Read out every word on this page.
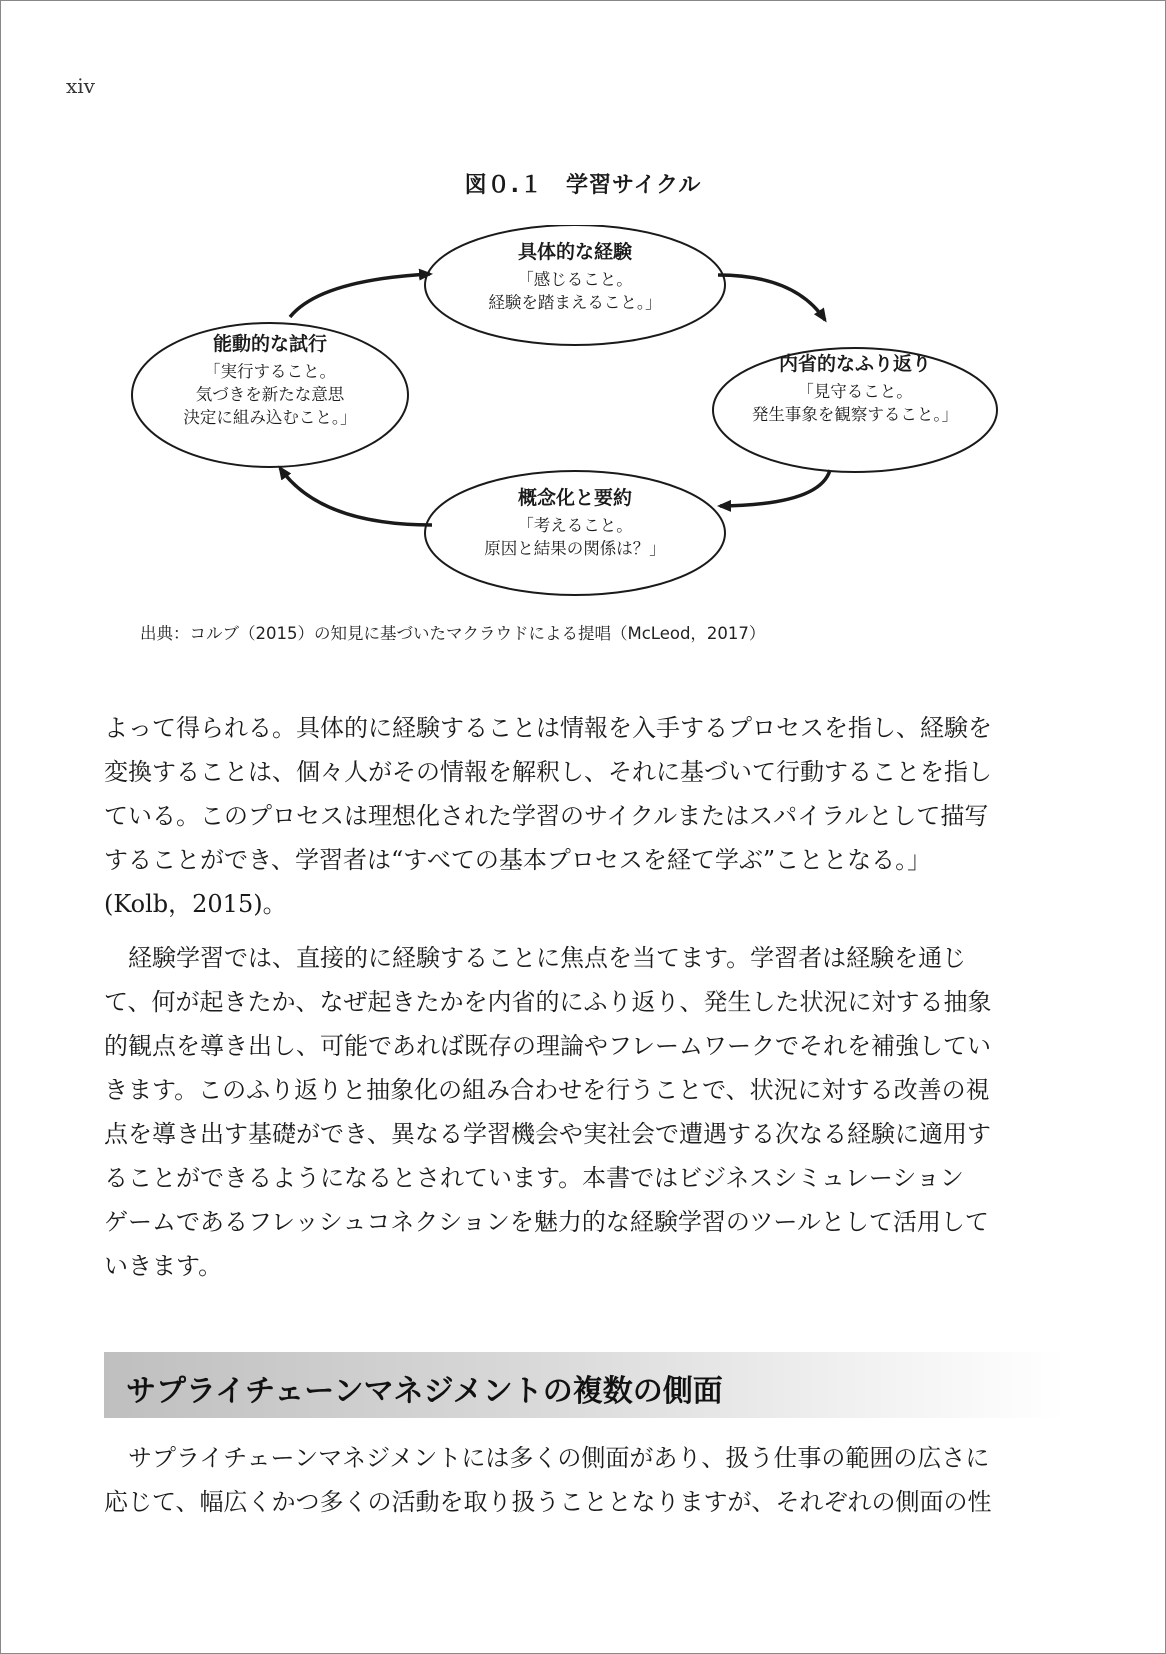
xiv
図０.１　学習サイクル
具体的な経験
「感じること。
経験を踏まえること。」
内省的なふり返り
「見守ること。
発生事象を観察すること。」
概念化と要約
「考えること。
原因と結果の関係は？」
能動的な試行
「実行すること。
気づきを新たな意思
決定に組み込むこと。」
出典：コルブ（2015）の知見に基づいたマクラウドによる提唱（McLeod，2017）

よって得られる。具体的に経験することは情報を入手するプロセスを指し、経験を
変換することは、個々人がその情報を解釈し、それに基づいて行動することを指し
ている。このプロセスは理想化された学習のサイクルまたはスパイラルとして描写
することができ、学習者は“すべての基本プロセスを経て学ぶ”こととなる。」
(Kolb，2015)。

　経験学習では、直接的に経験することに焦点を当てます。学習者は経験を通じ
て、何が起きたか、なぜ起きたかを内省的にふり返り、発生した状況に対する抽象
的観点を導き出し、可能であれば既存の理論やフレームワークでそれを補強してい
きます。このふり返りと抽象化の組み合わせを行うことで、状況に対する改善の視
点を導き出す基礎ができ、異なる学習機会や実社会で遭遇する次なる経験に適用す
ることができるようになるとされています。本書ではビジネスシミュレーション
ゲームであるフレッシュコネクションを魅力的な経験学習のツールとして活用して
いきます。

サプライチェーンマネジメントの複数の側面

　サプライチェーンマネジメントには多くの側面があり、扱う仕事の範囲の広さに
応じて、幅広くかつ多くの活動を取り扱うこととなりますが、それぞれの側面の性
